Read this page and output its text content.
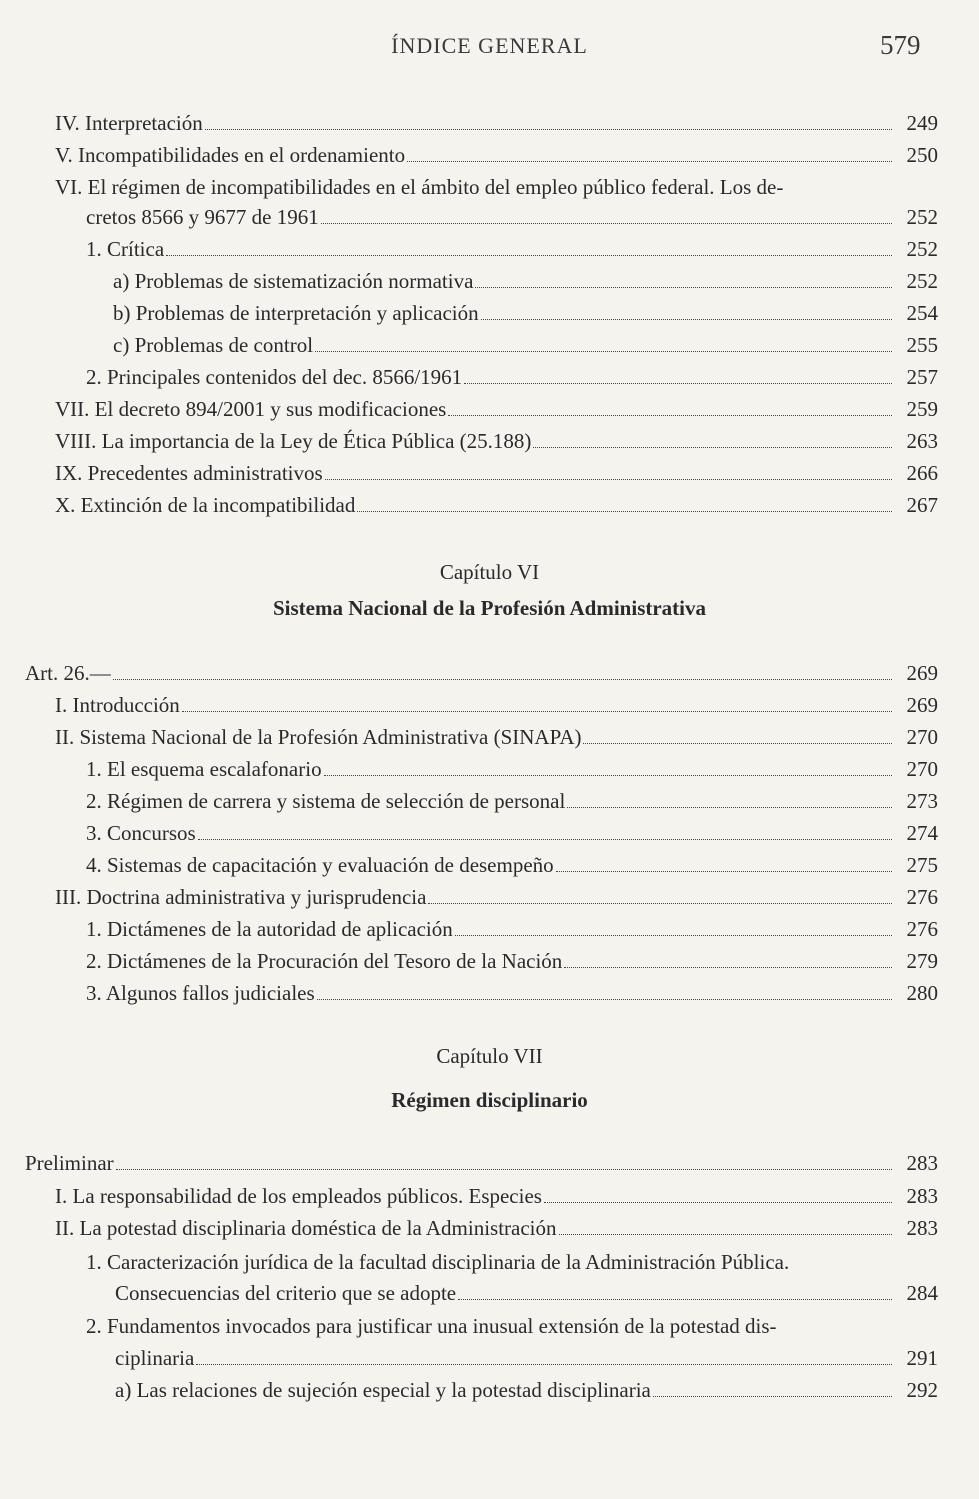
ÍNDICE GENERAL	579
IV. Interpretación	249
V. Incompatibilidades en el ordenamiento	250
VI. El régimen de incompatibilidades en el ámbito del empleo público federal. Los de-
cretos 8566 y 9677 de 1961	252
1. Crítica	252
a) Problemas de sistematización normativa	252
b) Problemas de interpretación y aplicación	254
c) Problemas de control	255
2. Principales contenidos del dec. 8566/1961	257
VII. El decreto 894/2001 y sus modificaciones	259
VIII. La importancia de la Ley de Ética Pública (25.188)	263
IX. Precedentes administrativos	266
X. Extinción de la incompatibilidad	267
Capítulo VI
Sistema Nacional de la Profesión Administrativa
Art. 26.—	269
I. Introducción	269
II. Sistema Nacional de la Profesión Administrativa (SINAPA)	270
1. El esquema escalafonario	270
2. Régimen de carrera y sistema de selección de personal	273
3. Concursos	274
4. Sistemas de capacitación y evaluación de desempeño	275
III. Doctrina administrativa y jurisprudencia	276
1. Dictámenes de la autoridad de aplicación	276
2. Dictámenes de la Procuración del Tesoro de la Nación	279
3. Algunos fallos judiciales	280
Capítulo VII
Régimen disciplinario
Preliminar	283
I. La responsabilidad de los empleados públicos. Especies	283
II. La potestad disciplinaria doméstica de la Administración	283
1. Caracterización jurídica de la facultad disciplinaria de la Administración Pública.
Consecuencias del criterio que se adopte	284
2. Fundamentos invocados para justificar una inusual extensión de la potestad dis-
ciplinaria	291
a) Las relaciones de sujeción especial y la potestad disciplinaria	292
